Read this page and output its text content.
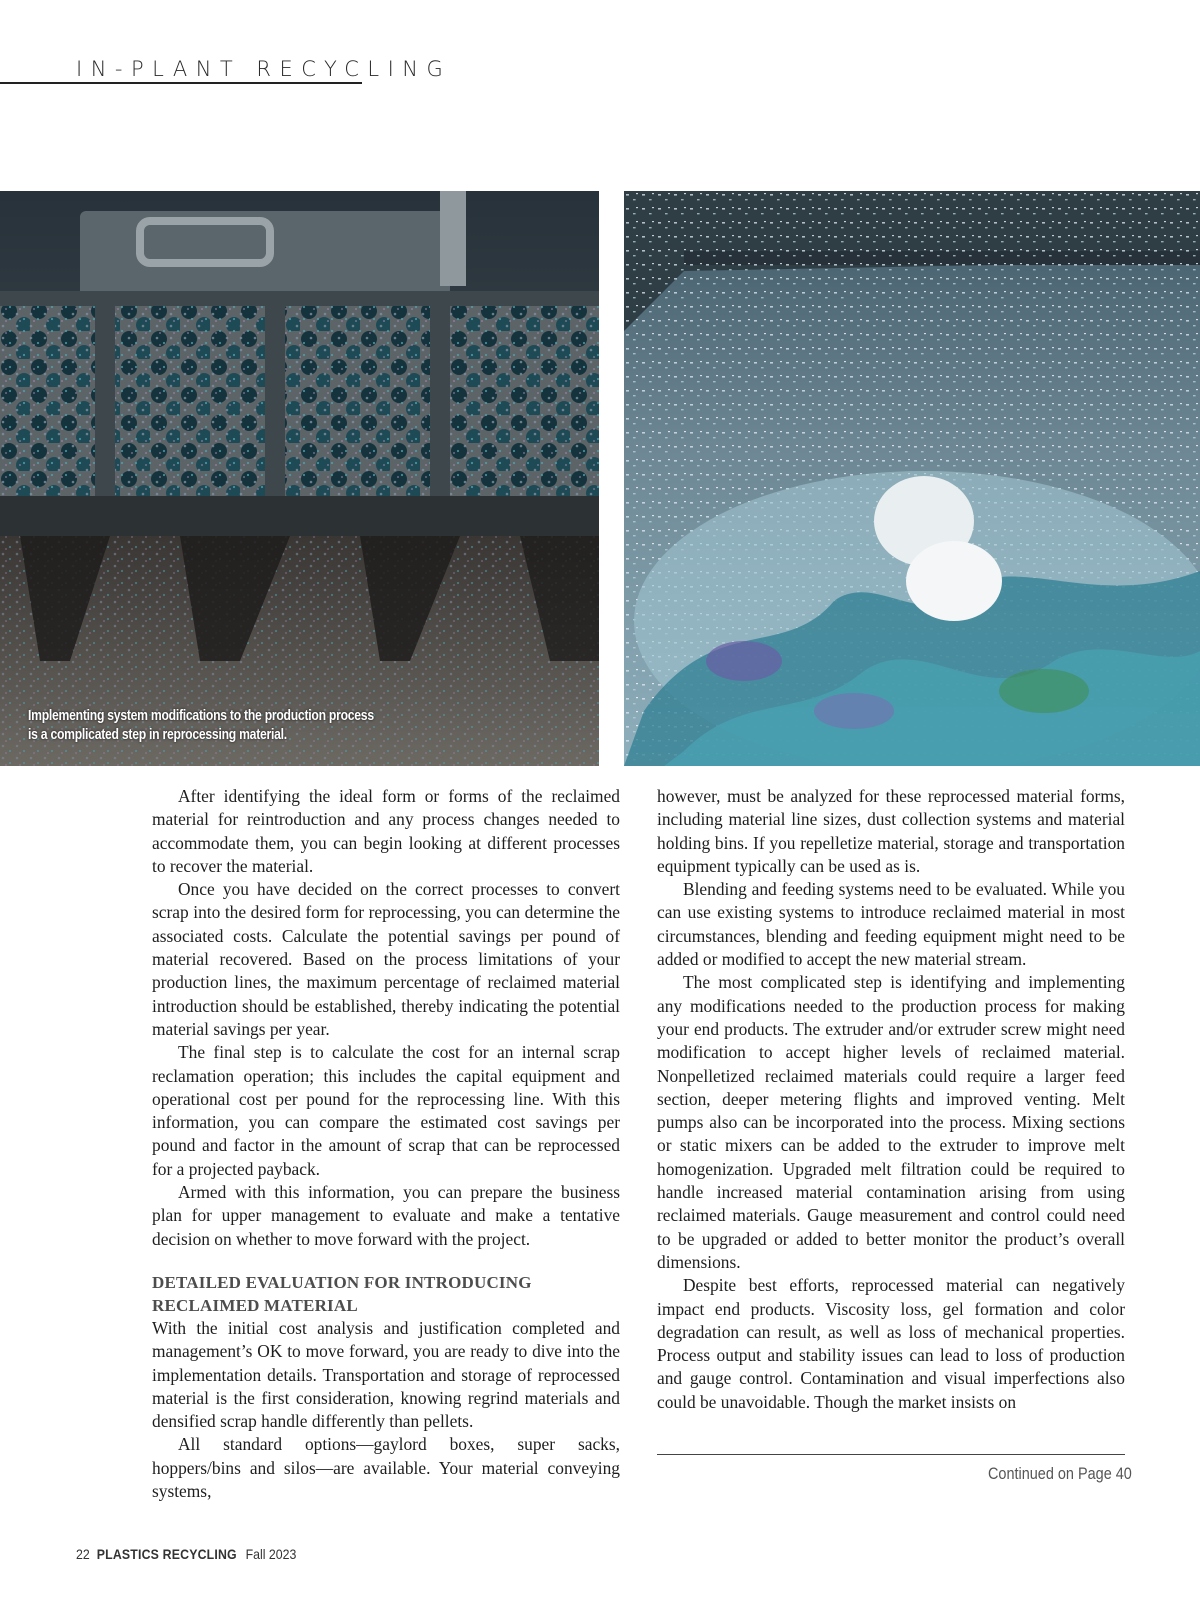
IN-PLANT RECYCLING
Implementing system modifications to the production process is a complicated step in reprocessing material.

After identifying the ideal form or forms of the reclaimed material for reintroduction and any process changes needed to accommodate them, you can begin looking at different processes to recover the material.

Once you have decided on the correct processes to convert scrap into the desired form for reprocessing, you can determine the associated costs. Calculate the potential savings per pound of material recovered. Based on the process limitations of your production lines, the maximum percentage of reclaimed material introduction should be established, thereby indicating the potential material savings per year.

The final step is to calculate the cost for an internal scrap reclamation operation; this includes the capital equipment and operational cost per pound for the reprocessing line. With this information, you can compare the estimated cost savings per pound and factor in the amount of scrap that can be reprocessed for a projected payback.

Armed with this information, you can prepare the business plan for upper management to evaluate and make a tentative decision on whether to move forward with the project.

DETAILED EVALUATION FOR INTRODUCING RECLAIMED MATERIAL

With the initial cost analysis and justification completed and management’s OK to move forward, you are ready to dive into the implementation details. Transportation and storage of reprocessed material is the first consideration, knowing regrind materials and densified scrap handle differently than pellets.

All standard options—gaylord boxes, super sacks, hoppers/bins and silos—are available. Your material conveying systems,

however, must be analyzed for these reprocessed material forms, including material line sizes, dust collection systems and material holding bins. If you repelletize material, storage and transportation equipment typically can be used as is.

Blending and feeding systems need to be evaluated. While you can use existing systems to introduce reclaimed material in most circumstances, blending and feeding equipment might need to be added or modified to accept the new material stream.

The most complicated step is identifying and implementing any modifications needed to the production process for making your end products. The extruder and/or extruder screw might need modification to accept higher levels of reclaimed material. Nonpelletized reclaimed materials could require a larger feed section, deeper metering flights and improved venting. Melt pumps also can be incorporated into the process. Mixing sections or static mixers can be added to the extruder to improve melt homogenization. Upgraded melt filtration could be required to handle increased material contamination arising from using reclaimed materials. Gauge measurement and control could need to be upgraded or added to better monitor the product’s overall dimensions.

Despite best efforts, reprocessed material can negatively impact end products. Viscosity loss, gel formation and color degradation can result, as well as loss of mechanical properties. Process output and stability issues can lead to loss of production and gauge control. Contamination and visual imperfections also could be unavoidable. Though the market insists on

Continued on Page 40
22 PLASTICS RECYCLING Fall 2023
